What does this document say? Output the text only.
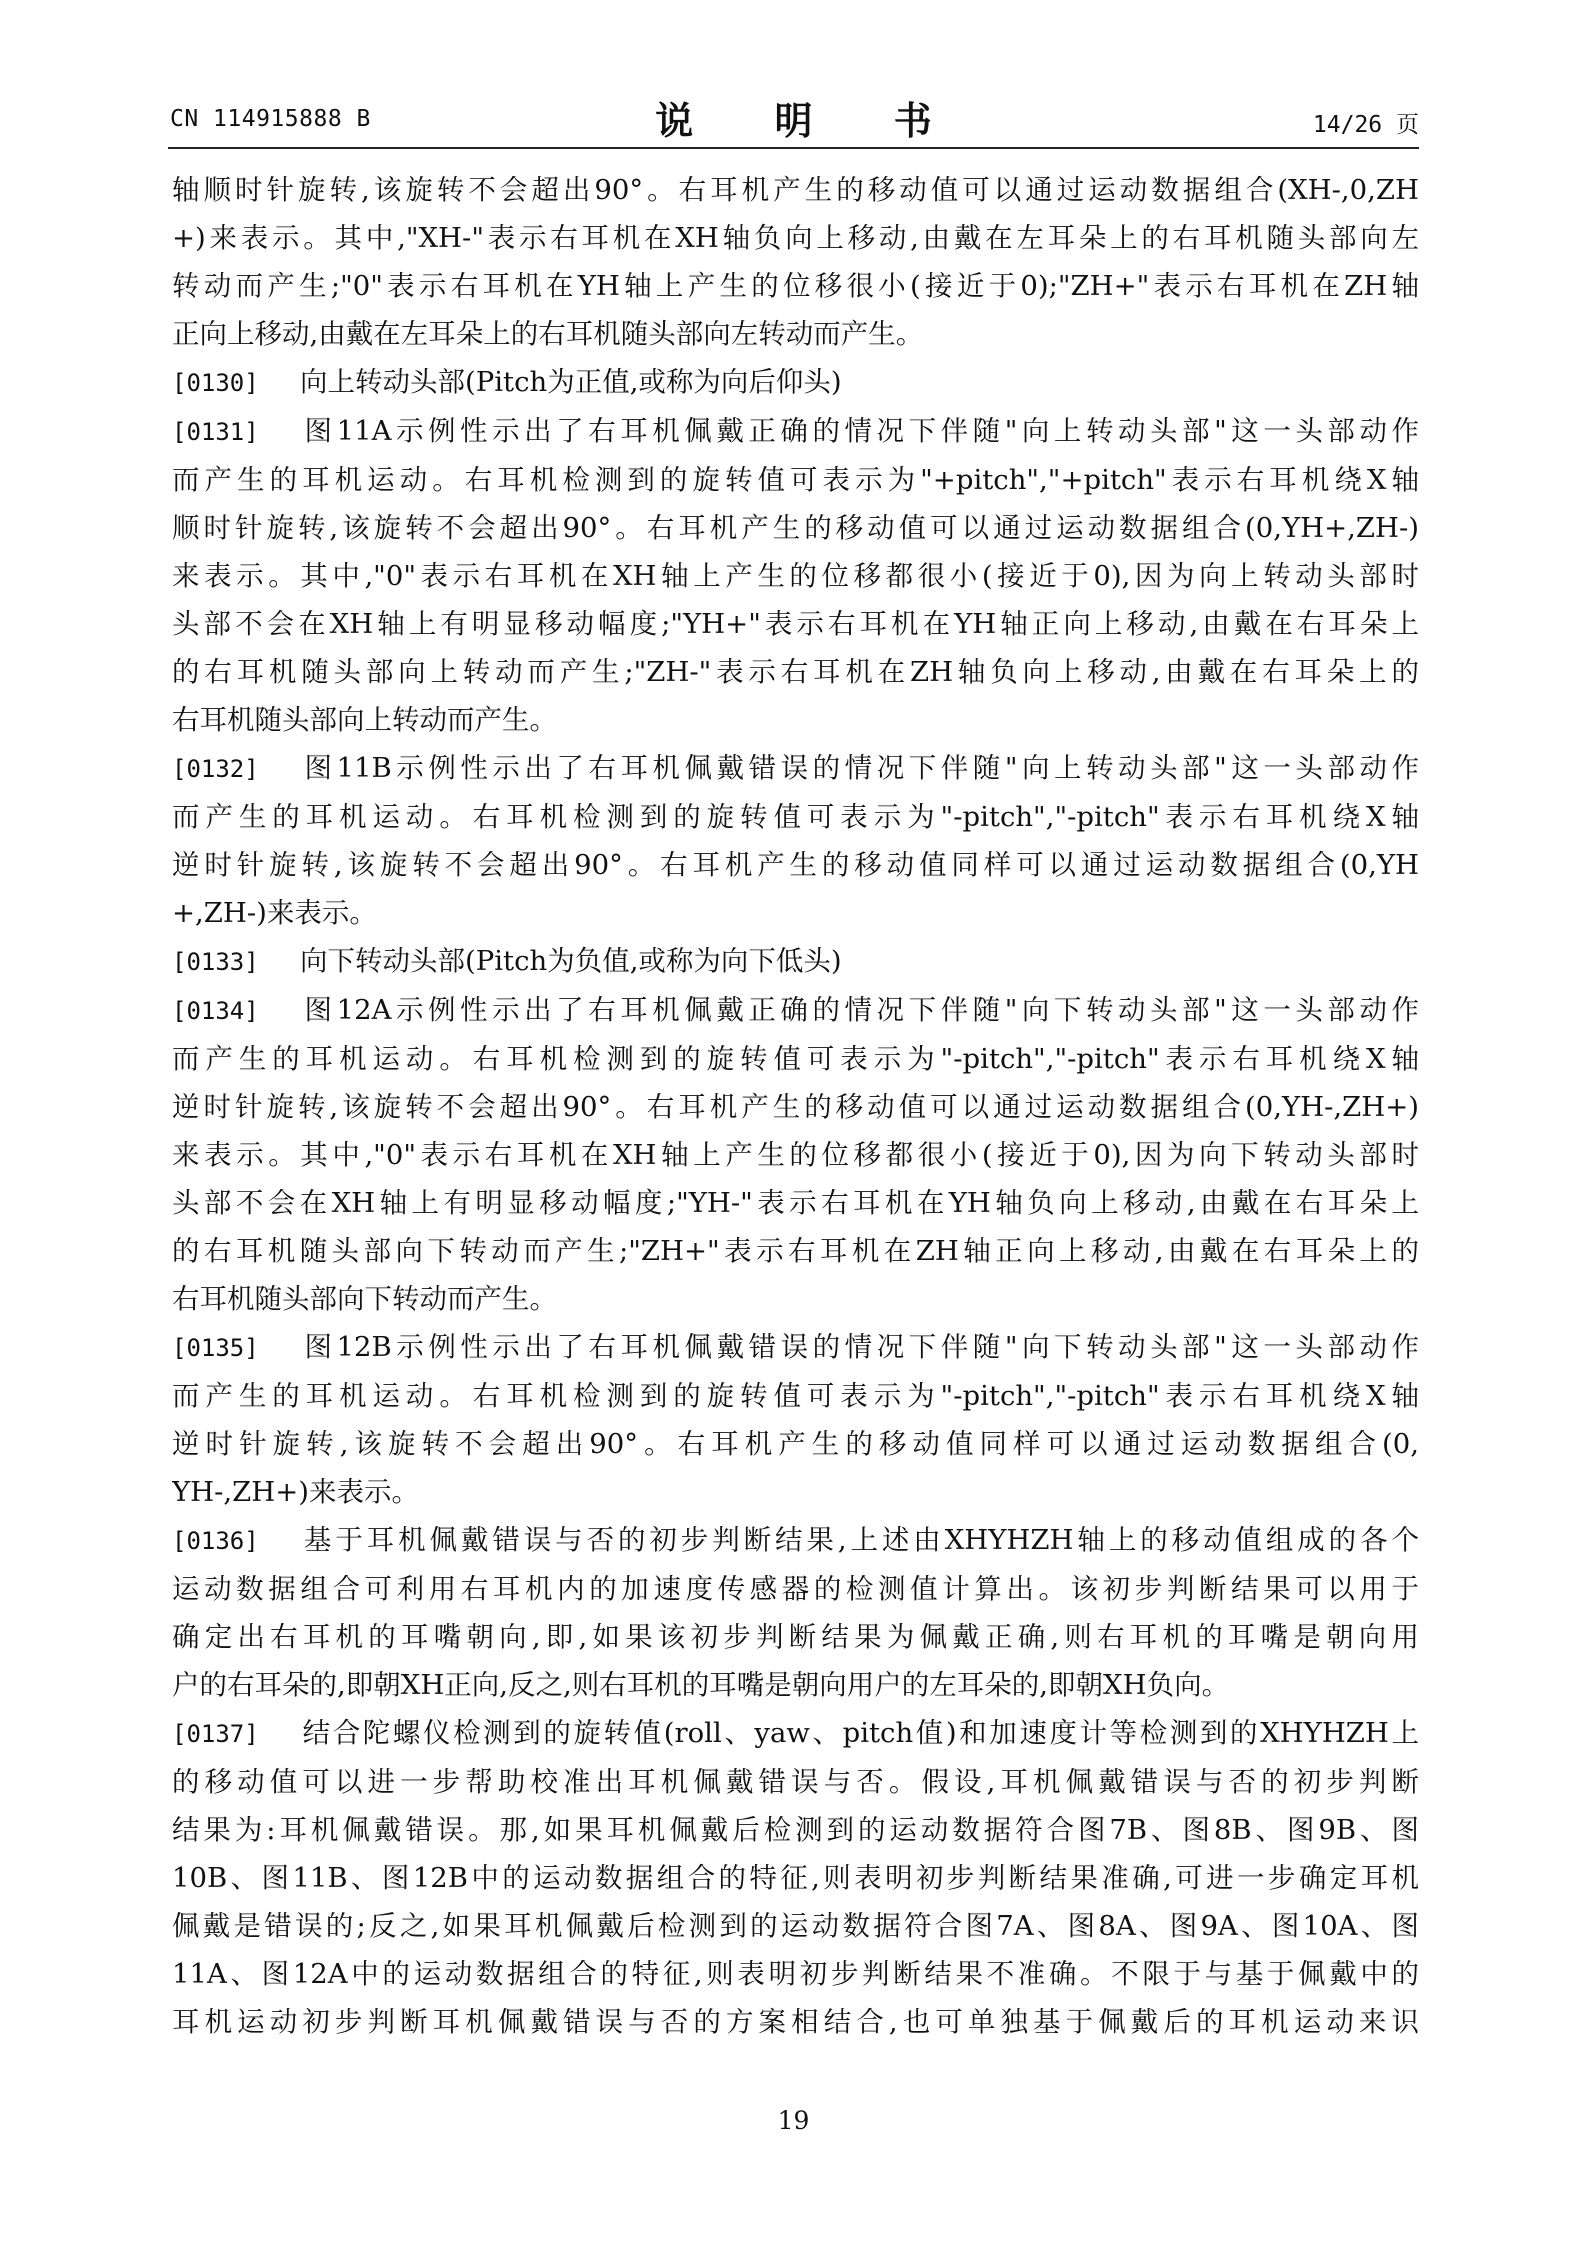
CN 114915888 B	说 明 书	14/26 页
轴顺时针旋转,该旋转不会超出90°。右耳机产生的移动值可以通过运动数据组合(XH-,0,ZH
+)来表示。其中,"XH-"表示右耳机在XH轴负向上移动,由戴在左耳朵上的右耳机随头部向左
转动而产生;"0"表示右耳机在YH轴上产生的位移很小(接近于0);"ZH+"表示右耳机在ZH轴
正向上移动,由戴在左耳朵上的右耳机随头部向左转动而产生。
[0130] 向上转动头部(Pitch为正值,或称为向后仰头)
[0131] 图11A示例性示出了右耳机佩戴正确的情况下伴随"向上转动头部"这一头部动作
而产生的耳机运动。右耳机检测到的旋转值可表示为"+pitch","+pitch"表示右耳机绕X轴
顺时针旋转,该旋转不会超出90°。右耳机产生的移动值可以通过运动数据组合(0,YH+,ZH-)
来表示。其中,"0"表示右耳机在XH轴上产生的位移都很小(接近于0),因为向上转动头部时
头部不会在XH轴上有明显移动幅度;"YH+"表示右耳机在YH轴正向上移动,由戴在右耳朵上
的右耳机随头部向上转动而产生;"ZH-"表示右耳机在ZH轴负向上移动,由戴在右耳朵上的
右耳机随头部向上转动而产生。
[0132] 图11B示例性示出了右耳机佩戴错误的情况下伴随"向上转动头部"这一头部动作
而产生的耳机运动。右耳机检测到的旋转值可表示为"-pitch","-pitch"表示右耳机绕X轴
逆时针旋转,该旋转不会超出90°。右耳机产生的移动值同样可以通过运动数据组合(0,YH
+,ZH-)来表示。
[0133] 向下转动头部(Pitch为负值,或称为向下低头)
[0134] 图12A示例性示出了右耳机佩戴正确的情况下伴随"向下转动头部"这一头部动作
而产生的耳机运动。右耳机检测到的旋转值可表示为"-pitch","-pitch"表示右耳机绕X轴
逆时针旋转,该旋转不会超出90°。右耳机产生的移动值可以通过运动数据组合(0,YH-,ZH+)
来表示。其中,"0"表示右耳机在XH轴上产生的位移都很小(接近于0),因为向下转动头部时
头部不会在XH轴上有明显移动幅度;"YH-"表示右耳机在YH轴负向上移动,由戴在右耳朵上
的右耳机随头部向下转动而产生;"ZH+"表示右耳机在ZH轴正向上移动,由戴在右耳朵上的
右耳机随头部向下转动而产生。
[0135] 图12B示例性示出了右耳机佩戴错误的情况下伴随"向下转动头部"这一头部动作
而产生的耳机运动。右耳机检测到的旋转值可表示为"-pitch","-pitch"表示右耳机绕X轴
逆时针旋转,该旋转不会超出90°。右耳机产生的移动值同样可以通过运动数据组合(0,
YH-,ZH+)来表示。
[0136] 基于耳机佩戴错误与否的初步判断结果,上述由XHYHZH轴上的移动值组成的各个
运动数据组合可利用右耳机内的加速度传感器的检测值计算出。该初步判断结果可以用于
确定出右耳机的耳嘴朝向,即,如果该初步判断结果为佩戴正确,则右耳机的耳嘴是朝向用
户的右耳朵的,即朝XH正向,反之,则右耳机的耳嘴是朝向用户的左耳朵的,即朝XH负向。
[0137] 结合陀螺仪检测到的旋转值(roll、yaw、pitch值)和加速度计等检测到的XHYHZH上
的移动值可以进一步帮助校准出耳机佩戴错误与否。假设,耳机佩戴错误与否的初步判断
结果为:耳机佩戴错误。那,如果耳机佩戴后检测到的运动数据符合图7B、图8B、图9B、图
10B、图11B、图12B中的运动数据组合的特征,则表明初步判断结果准确,可进一步确定耳机
佩戴是错误的;反之,如果耳机佩戴后检测到的运动数据符合图7A、图8A、图9A、图10A、图
11A、图12A中的运动数据组合的特征,则表明初步判断结果不准确。不限于与基于佩戴中的
耳机运动初步判断耳机佩戴错误与否的方案相结合,也可单独基于佩戴后的耳机运动来识
19
